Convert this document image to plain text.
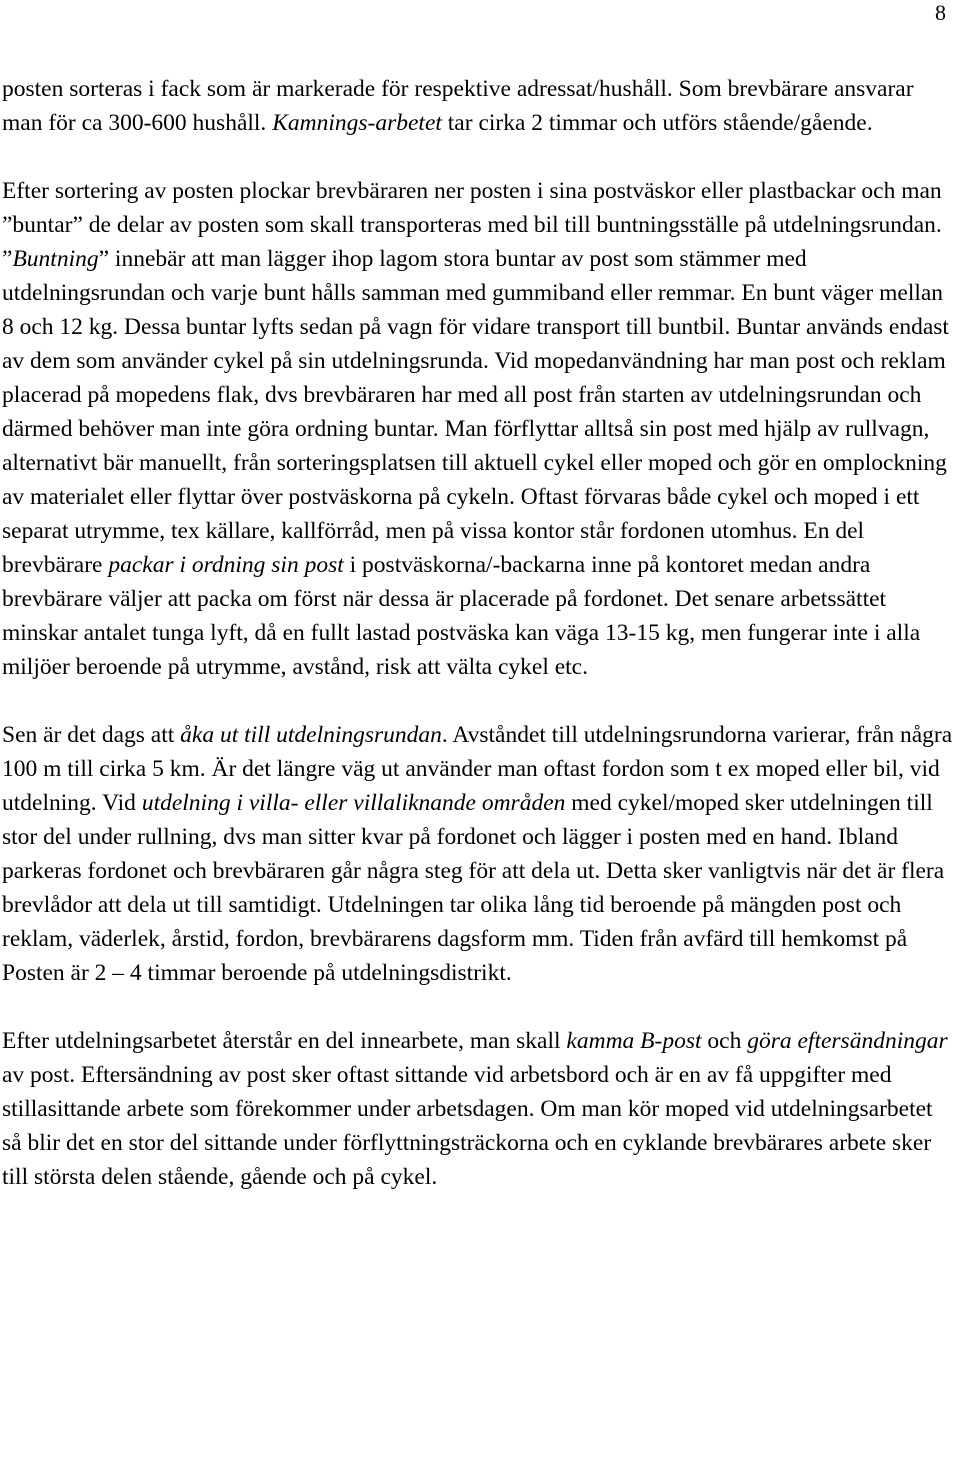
8

posten sorteras i fack som är markerade för respektive adressat/hushåll. Som brevbärare ansvarar man för ca 300-600 hushåll. Kamnings-arbetet tar cirka 2 timmar och utförs stående/gående.

Efter sortering av posten plockar brevbäraren ner posten i sina postväskor eller plastbackar och man ”buntar” de delar av posten som skall transporteras med bil till buntningsställe på utdelningsrundan. ”Buntning” innebär att man lägger ihop lagom stora buntar av post som stämmer med utdelningsrundan och varje bunt hålls samman med gummiband eller remmar. En bunt väger mellan 8 och 12 kg. Dessa buntar lyfts sedan på vagn för vidare transport till buntbil. Buntar används endast av dem som använder cykel på sin utdelningsrunda. Vid mopedanvändning har man post och reklam placerad på mopedens flak, dvs brevbäraren har med all post från starten av utdelningsrundan och därmed behöver man inte göra ordning buntar. Man förflyttar alltså sin post med hjälp av rullvagn, alternativt bär manuellt, från sorteringsplatsen till aktuell cykel eller moped och gör en omplockning av materialet eller flyttar över postväskorna på cykeln. Oftast förvaras både cykel och moped i ett separat utrymme, tex källare, kallförråd, men på vissa kontor står fordonen utomhus. En del brevbärare packar i ordning sin post i postväskorna/-backarna inne på kontoret medan andra brevbärare väljer att packa om först när dessa är placerade på fordonet. Det senare arbetssättet minskar antalet tunga lyft, då en fullt lastad postväska kan väga 13-15 kg, men fungerar inte i alla miljöer beroende på utrymme, avstånd, risk att välta cykel etc.

Sen är det dags att åka ut till utdelningsrundan. Avståndet till utdelningsrundorna varierar, från några 100 m till cirka 5 km. Är det längre väg ut använder man oftast fordon som t ex moped eller bil, vid utdelning. Vid utdelning i villa- eller villaliknande områden med cykel/moped sker utdelningen till stor del under rullning, dvs man sitter kvar på fordonet och lägger i posten med en hand. Ibland parkeras fordonet och brevbäraren går några steg för att dela ut. Detta sker vanligtvis när det är flera brevlådor att dela ut till samtidigt. Utdelningen tar olika lång tid beroende på mängden post och reklam, väderlek, årstid, fordon, brevbärarens dagsform mm. Tiden från avfärd till hemkomst på Posten är 2 – 4 timmar beroende på utdelningsdistrikt.

Efter utdelningsarbetet återstår en del innearbete, man skall kamma B-post och göra eftersändningar av post. Eftersändning av post sker oftast sittande vid arbetsbord och är en av få uppgifter med stillasittande arbete som förekommer under arbetsdagen. Om man kör moped vid utdelningsarbetet så blir det en stor del sittande under förflyttningsträckorna och en cyklande brevbärares arbete sker till största delen stående, gående och på cykel.
